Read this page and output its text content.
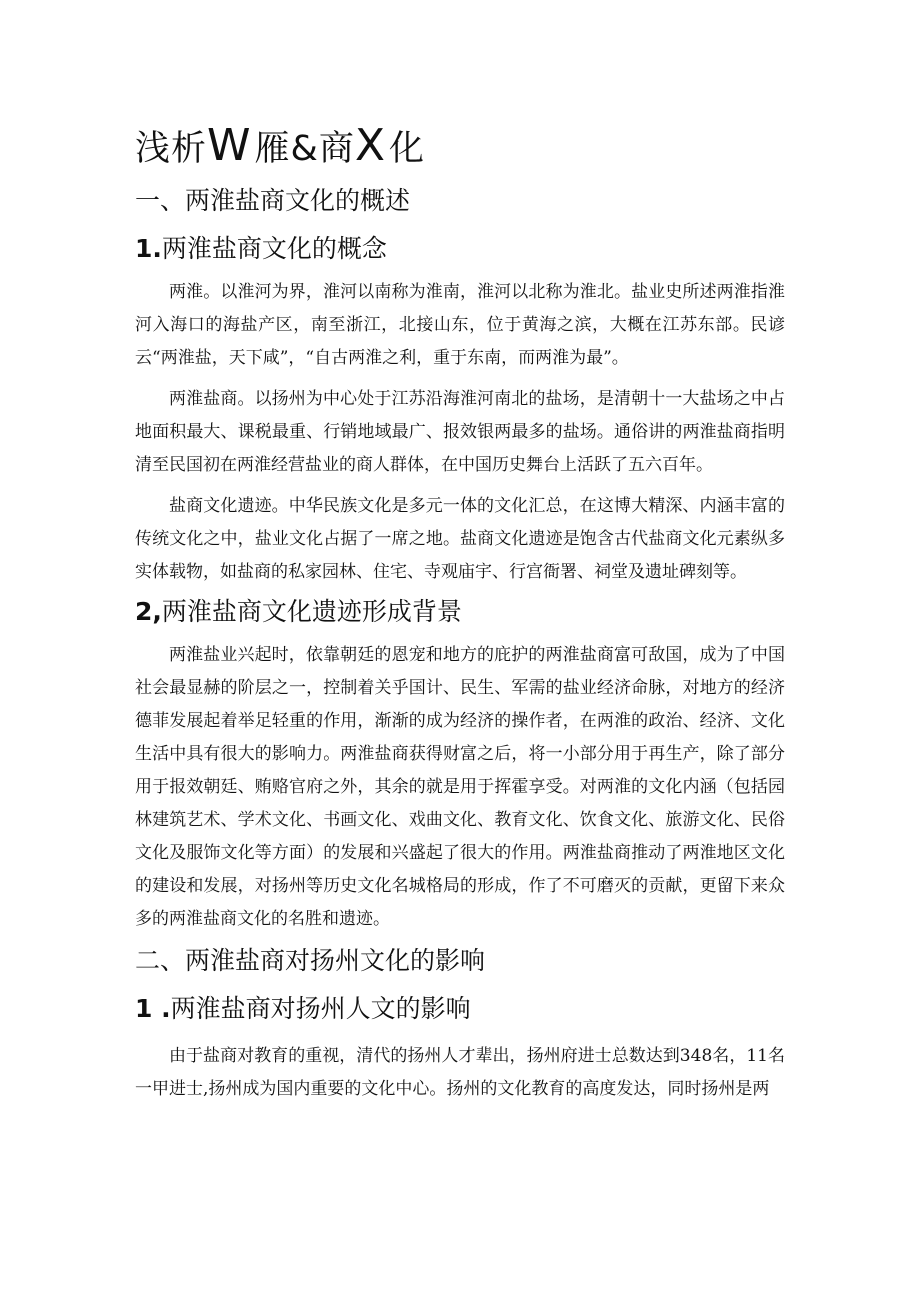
浅析W雁&商X化
一、两淮盐商文化的概述
1.两淮盐商文化的概念

两淮。以淮河为界，淮河以南称为淮南，淮河以北称为淮北。盐业史所述两淮指淮河入海口的海盐产区，南至浙江，北接山东，位于黄海之滨，大概在江苏东部。民谚云“两淮盐，天下咸”，“自古两淮之利，重于东南，而两淮为最”。

两淮盐商。以扬州为中心处于江苏沿海淮河南北的盐场，是清朝十一大盐场之中占地面积最大、课税最重、行销地域最广、报效银两最多的盐场。通俗讲的两淮盐商指明清至民国初在两淮经营盐业的商人群体，在中国历史舞台上活跃了五六百年。

盐商文化遗迹。中华民族文化是多元一体的文化汇总，在这博大精深、内涵丰富的传统文化之中，盐业文化占据了一席之地。盐商文化遗迹是饱含古代盐商文化元素纵多实体载物，如盐商的私家园林、住宅、寺观庙宇、行宫衙署、祠堂及遗址碑刻等。

2,两淮盐商文化遗迹形成背景

两淮盐业兴起时，依靠朝廷的恩宠和地方的庇护的两淮盐商富可敌国，成为了中国社会最显赫的阶层之一，控制着关乎国计、民生、军需的盐业经济命脉，对地方的经济德菲发展起着举足轻重的作用，渐渐的成为经济的操作者，在两淮的政治、经济、文化生活中具有很大的影响力。两淮盐商获得财富之后，将一小部分用于再生产，除了部分用于报效朝廷、贿赂官府之外，其余的就是用于挥霍享受。对两淮的文化内涵（包括园林建筑艺术、学术文化、书画文化、戏曲文化、教育文化、饮食文化、旅游文化、民俗文化及服饰文化等方面）的发展和兴盛起了很大的作用。两淮盐商推动了两淮地区文化的建设和发展，对扬州等历史文化名城格局的形成，作了不可磨灭的贡献，更留下来众多的两淮盐商文化的名胜和遗迹。

二、两淮盐商对扬州文化的影响
1 .两淮盐商对扬州人文的影响

由于盐商对教育的重视，清代的扬州人才辈出，扬州府进士总数达到348名，11名一甲进士,扬州成为国内重要的文化中心。扬州的文化教育的高度发达，同时扬州是两
